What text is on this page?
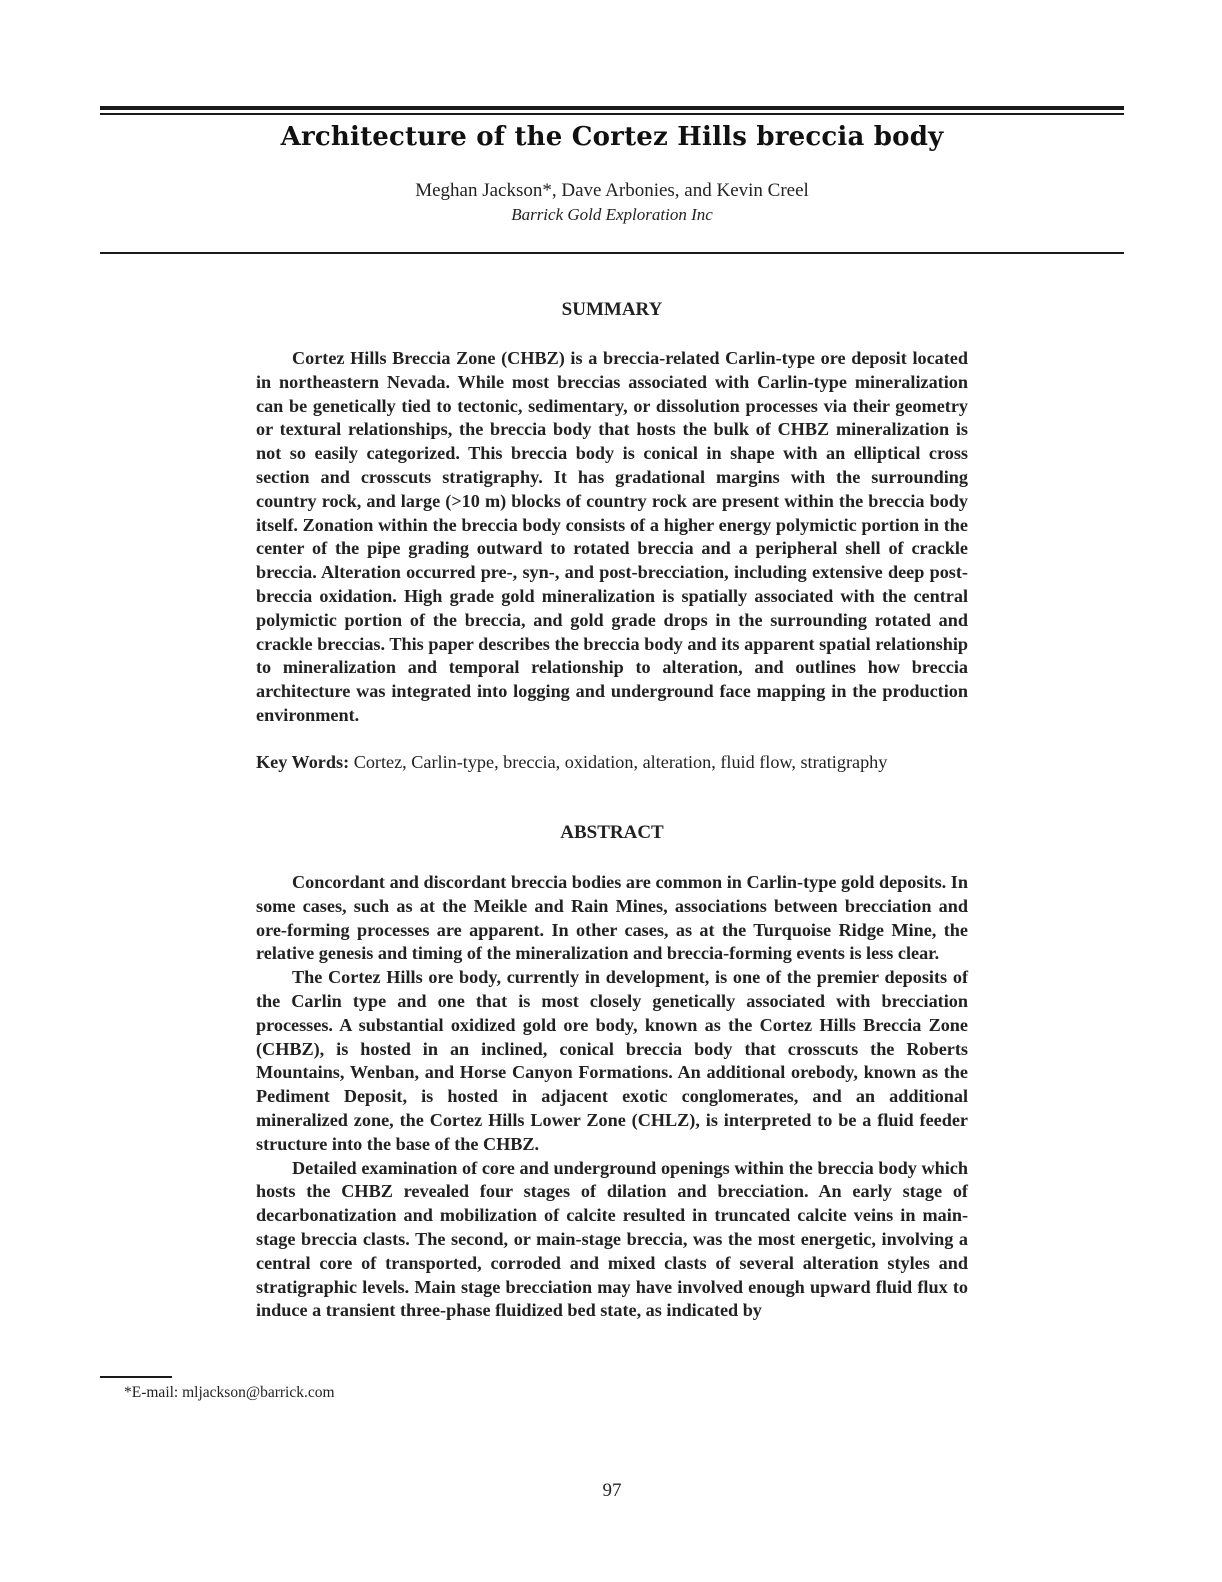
Architecture of the Cortez Hills breccia body
Meghan Jackson*, Dave Arbonies, and Kevin Creel
Barrick Gold Exploration Inc
SUMMARY

Cortez Hills Breccia Zone (CHBZ) is a breccia-related Carlin-type ore deposit located in northeastern Nevada. While most breccias associated with Carlin-type mineralization can be genetically tied to tectonic, sedimentary, or dissolution processes via their geometry or textural relationships, the breccia body that hosts the bulk of CHBZ mineralization is not so easily categorized. This breccia body is conical in shape with an elliptical cross section and crosscuts stratigraphy. It has gradational margins with the surrounding country rock, and large (>10 m) blocks of country rock are present within the breccia body itself. Zonation within the breccia body consists of a higher energy polymictic portion in the center of the pipe grading outward to rotated breccia and a peripheral shell of crackle breccia. Alteration occurred pre-, syn-, and post-brecciation, including extensive deep post-breccia oxidation. High grade gold mineralization is spatially associated with the central polymictic portion of the breccia, and gold grade drops in the surrounding rotated and crackle breccias. This paper describes the breccia body and its apparent spatial relationship to mineralization and temporal relationship to alteration, and outlines how breccia architecture was integrated into logging and underground face mapping in the production environment.

Key Words: Cortez, Carlin-type, breccia, oxidation, alteration, fluid flow, stratigraphy
ABSTRACT

Concordant and discordant breccia bodies are common in Carlin-type gold deposits. In some cases, such as at the Meikle and Rain Mines, associations between brecciation and ore-forming processes are apparent. In other cases, as at the Turquoise Ridge Mine, the relative genesis and timing of the mineralization and breccia-forming events is less clear.

The Cortez Hills ore body, currently in development, is one of the premier deposits of the Carlin type and one that is most closely genetically associated with brecciation processes. A substantial oxidized gold ore body, known as the Cortez Hills Breccia Zone (CHBZ), is hosted in an inclined, conical breccia body that crosscuts the Roberts Mountains, Wenban, and Horse Canyon Formations. An additional orebody, known as the Pediment Deposit, is hosted in adjacent exotic conglomerates, and an additional mineralized zone, the Cortez Hills Lower Zone (CHLZ), is interpreted to be a fluid feeder structure into the base of the CHBZ.

Detailed examination of core and underground openings within the breccia body which hosts the CHBZ revealed four stages of dilation and brecciation. An early stage of decarbonatization and mobilization of calcite resulted in truncated calcite veins in main-stage breccia clasts. The second, or main-stage breccia, was the most energetic, involving a central core of transported, corroded and mixed clasts of several alteration styles and stratigraphic levels. Main stage brecciation may have involved enough upward fluid flux to induce a transient three-phase fluidized bed state, as indicated by

*E-mail: mljackson@barrick.com
97
